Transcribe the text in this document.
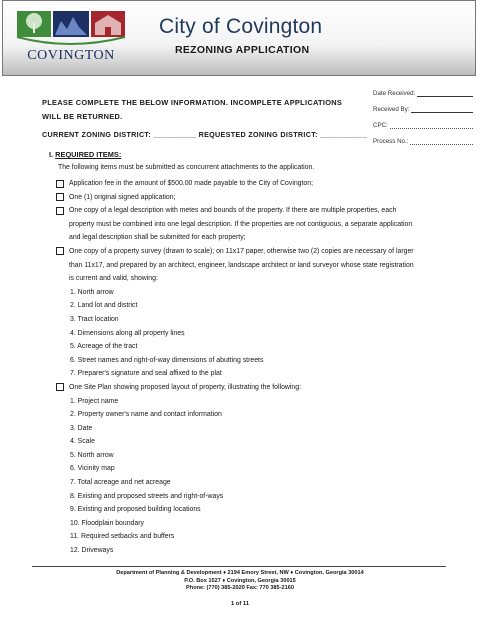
COVINGTON
City of Covington
REZONING APPLICATION
Date Received:
Received By:
CPC:
Process No.:
PLEASE COMPLETE THE BELOW INFORMATION. INCOMPLETE APPLICATIONS WILL BE RETURNED.
CURRENT ZONING DISTRICT: __________ REQUESTED ZONING DISTRICT: ___________
I. REQUIRED ITEMS:
The following items must be submitted as concurrent attachments to the application.
Application fee in the amount of $500.00 made payable to the City of Covington;
One (1) original signed application;
One copy of a legal description with metes and bounds of the property. If there are multiple properties, each property must be combined into one legal description. If the properties are not contiguous, a separate application and legal description shall be submitted for each property;
One copy of a property survey (drawn to scale); on 11x17 paper, otherwise two (2) copies are necessary of larger than 11x17, and prepared by an architect, engineer, landscape architect or land surveyor whose state registration is current and valid, showing:
1. North arrow
2. Land lot and district
3. Tract location
4. Dimensions along all property lines
5. Acreage of the tract
6. Street names and right-of-way dimensions of abutting streets
7. Preparer's signature and seal affixed to the plat
One Site Plan showing proposed layout of property, illustrating the following:
1. Project name
2. Property owner's name and contact information
3. Date
4. Scale
5. North arrow
6. Vicinity map
7. Total acreage and net acreage
8. Existing and proposed streets and right-of-ways
9. Existing and proposed building locations
10. Floodplain boundary
11. Required setbacks and buffers
12. Driveways
Department of Planning & Development ♦ 2194 Emory Street, NW ♦ Covington, Georgia 30014
P.O. Box 1527 ♦ Covington, Georgia 30015
Phone: (770) 385-2020 Fax: 770 385-2160
1 of 11
